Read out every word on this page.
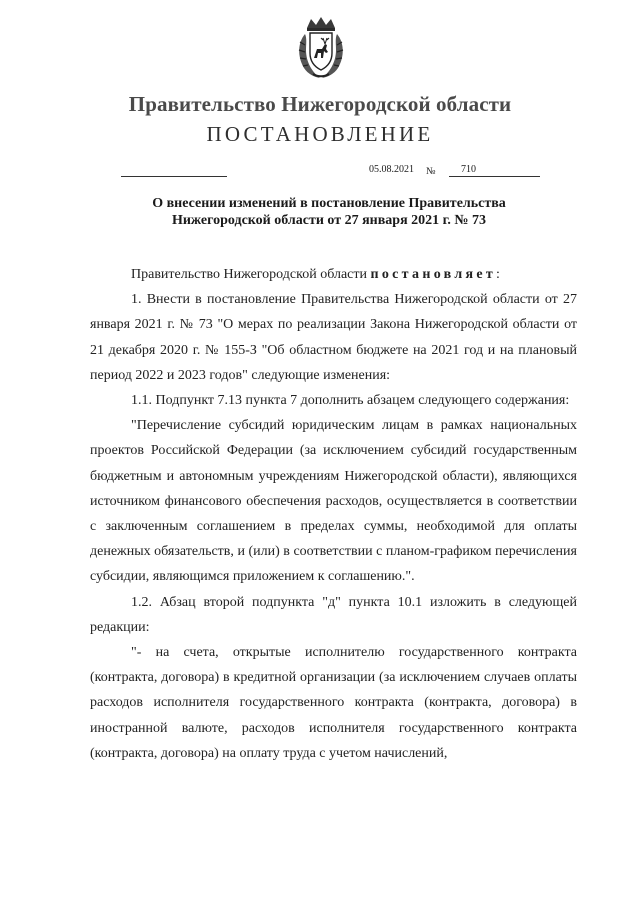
Правительство Нижегородской области
ПОСТАНОВЛЕНИЕ
05.08.2021 №	710
О внесении изменений в постановление Правительства
Нижегородской области от 27 января 2021 г. № 73

Правительство Нижегородской области постановляет:

1. Внести в постановление Правительства Нижегородской области от 27 января 2021 г. № 73 "О мерах по реализации Закона Нижегородской области от 21 декабря 2020 г. № 155-З "Об областном бюджете на 2021 год и на плановый период 2022 и 2023 годов" следующие изменения:

1.1. Подпункт 7.13 пункта 7 дополнить абзацем следующего содержания:

"Перечисление субсидий юридическим лицам в рамках национальных проектов Российской Федерации (за исключением субсидий государственным бюджетным и автономным учреждениям Нижегородской области), являющихся источником финансового обеспечения расходов, осуществляется в соответствии с заключенным соглашением в пределах суммы, необходимой для оплаты денежных обязательств, и (или) в соответствии с планом-графиком перечисления субсидии, являющимся приложением к соглашению.".

1.2. Абзац второй подпункта "д" пункта 10.1 изложить в следующей редакции:

"- на счета, открытые исполнителю государственного контракта (контракта, договора) в кредитной организации (за исключением случаев оплаты расходов исполнителя государственного контракта (контракта, договора) в иностранной валюте, расходов исполнителя государственного контракта (контракта, договора) на оплату труда с учетом начислений,
